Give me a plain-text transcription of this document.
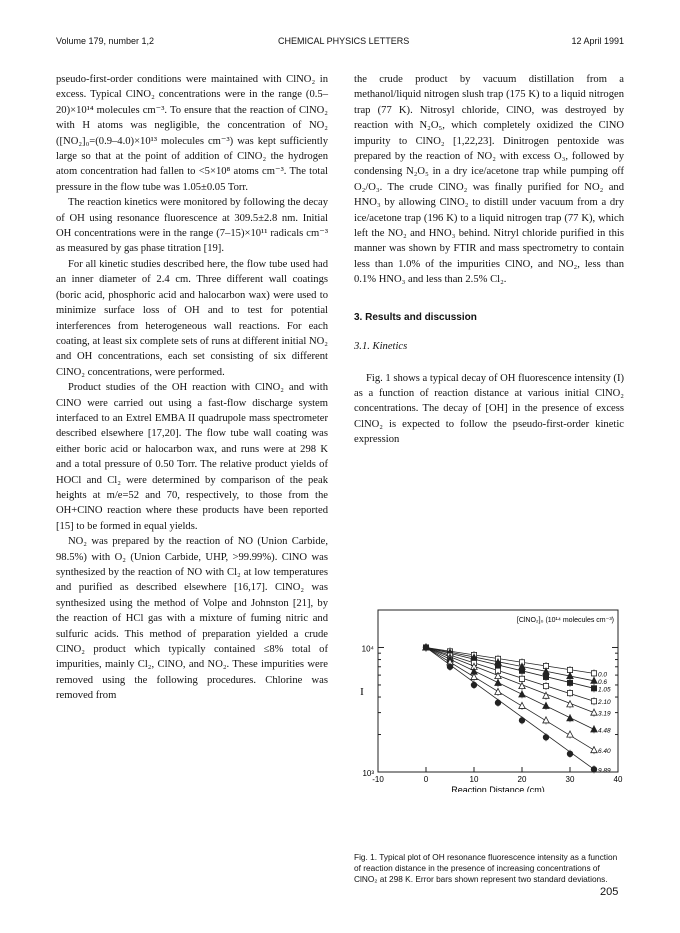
Volume 179, number 1,2	CHEMICAL PHYSICS LETTERS	12 April 1991

pseudo-first-order conditions were maintained with ClNO₂ in excess. Typical ClNO₂ concentrations were in the range (0.5–20)×10¹⁴ molecules cm⁻³. To ensure that the reaction of ClNO₂ with H atoms was negligible, the concentration of NO₂ ([NO₂]₀=(0.9–4.0)×10¹³ molecules cm⁻³) was kept sufficiently large so that at the point of addition of ClNO₂ the hydrogen atom concentration had fallen to <5×10⁸ atoms cm⁻³. The total pressure in the flow tube was 1.05±0.05 Torr.

The reaction kinetics were monitored by following the decay of OH using resonance fluorescence at 309.5±2.8 nm. Initial OH concentrations were in the range (7–15)×10¹¹ radicals cm⁻³ as measured by gas phase titration [19].

For all kinetic studies described here, the flow tube used had an inner diameter of 2.4 cm. Three different wall coatings (boric acid, phosphoric acid and halocarbon wax) were used to minimize surface loss of OH and to test for potential interferences from heterogeneous wall reactions. For each coating, at least six complete sets of runs at different initial NO₂ and OH concentrations, each set consisting of six different ClNO₂ concentrations, were performed.

Product studies of the OH reaction with ClNO₂ and with ClNO were carried out using a fast-flow discharge system interfaced to an Extrel EMBA II quadrupole mass spectrometer described elsewhere [17,20]. The flow tube wall coating was either boric acid or halocarbon wax, and runs were at 298 K and a total pressure of 0.50 Torr. The relative product yields of HOCl and Cl₂ were determined by comparison of the peak heights at m/e=52 and 70, respectively, to those from the OH+ClNO reaction where these products have been reported [15] to be formed in equal yields.

NO₂ was prepared by the reaction of NO (Union Carbide, 98.5%) with O₂ (Union Carbide, UHP, >99.99%). ClNO was synthesized by the reaction of NO with Cl₂ at low temperatures and purified as described elsewhere [16,17]. ClNO₂ was synthesized using the method of Volpe and Johnston [21], by the reaction of HCl gas with a mixture of fuming nitric and sulfuric acids. This method of preparation yielded a crude ClNO₂ product which typically contained ≤8% total of impurities, mainly Cl₂, ClNO, and NO₂. These impurities were removed using the following procedures. Chlorine was removed from

the crude product by vacuum distillation from a methanol/liquid nitrogen slush trap (175 K) to a liquid nitrogen trap (77 K). Nitrosyl chloride, ClNO, was destroyed by reaction with N₂O₅, which completely oxidized the ClNO impurity to ClNO₂ [1,22,23]. Dinitrogen pentoxide was prepared by the reaction of NO₂ with excess O₃, followed by condensing N₂O₅ in a dry ice/acetone trap while pumping off O₂/O₃. The crude ClNO₂ was finally purified for NO₂ and HNO₃ by allowing ClNO₂ to distill under vacuum from a dry ice/acetone trap (196 K) to a liquid nitrogen trap (77 K), which left the NO₂ and HNO₃ behind. Nitryl chloride purified in this manner was shown by FTIR and mass spectrometry to contain less than 1.0% of the impurities ClNO, and NO₂, less than 0.1% HNO₃ and less than 2.5% Cl₂.

3. Results and discussion

3.1. Kinetics

Fig. 1 shows a typical decay of OH fluorescence intensity (I) as a function of reaction distance at various initial ClNO₂ concentrations. The decay of [OH] in the presence of excess ClNO₂ is expected to follow the pseudo-first-order kinetic expression

10⁴
10³
-10	0	10	20	30	40
Reaction Distance (cm)
I
[ClNO₂]₀ (10¹⁴ molecules cm⁻³)
0.0
0.6
1.05
2.10
3.19
4.48
6.40
9.89
Fig. 1. Typical plot of OH resonance fluorescence intensity as a function of reaction distance in the presence of increasing concentrations of ClNO₂ at 298 K. Error bars shown represent two standard deviations.
205
